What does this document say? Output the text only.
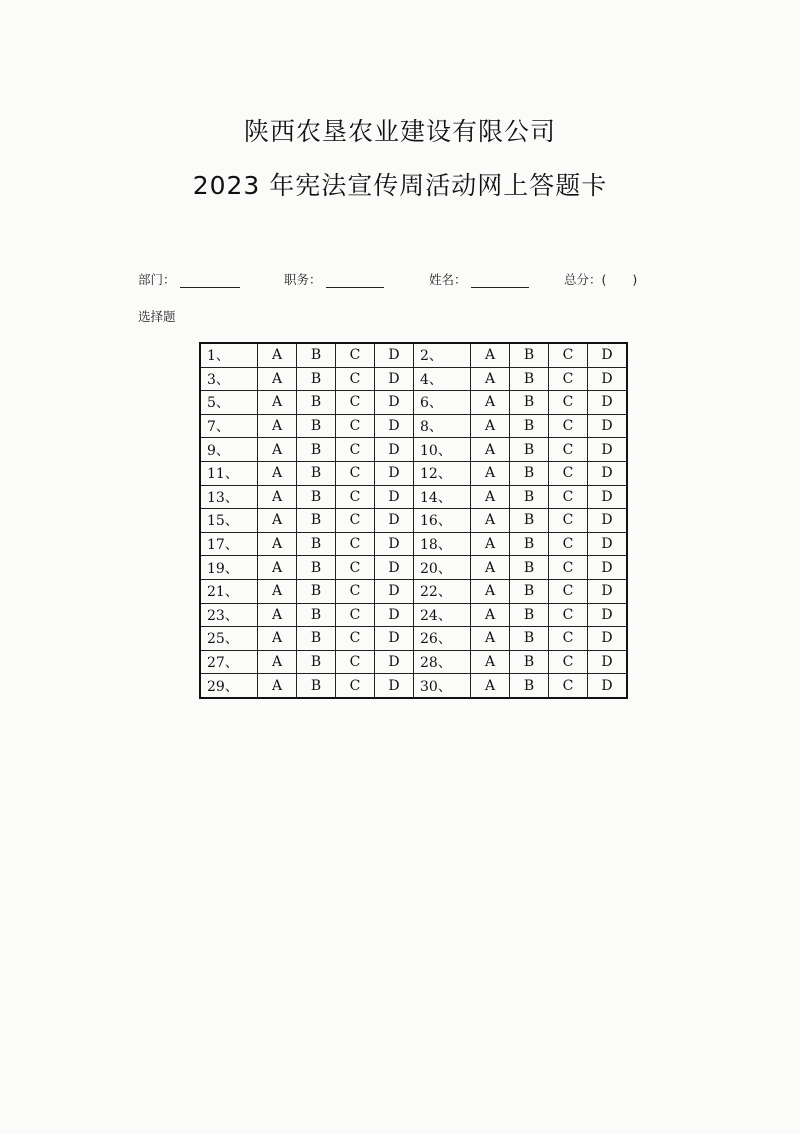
陕西农垦农业建设有限公司
2023 年宪法宣传周活动网上答题卡
部门：	职务：	姓名：	总分：( )
选择题
1、	A	B	C	D	2、	A	B	C	D
3、	A	B	C	D	4、	A	B	C	D
5、	A	B	C	D	6、	A	B	C	D
7、	A	B	C	D	8、	A	B	C	D
9、	A	B	C	D	10、	A	B	C	D
11、	A	B	C	D	12、	A	B	C	D
13、	A	B	C	D	14、	A	B	C	D
15、	A	B	C	D	16、	A	B	C	D
17、	A	B	C	D	18、	A	B	C	D
19、	A	B	C	D	20、	A	B	C	D
21、	A	B	C	D	22、	A	B	C	D
23、	A	B	C	D	24、	A	B	C	D
25、	A	B	C	D	26、	A	B	C	D
27、	A	B	C	D	28、	A	B	C	D
29、	A	B	C	D	30、	A	B	C	D
